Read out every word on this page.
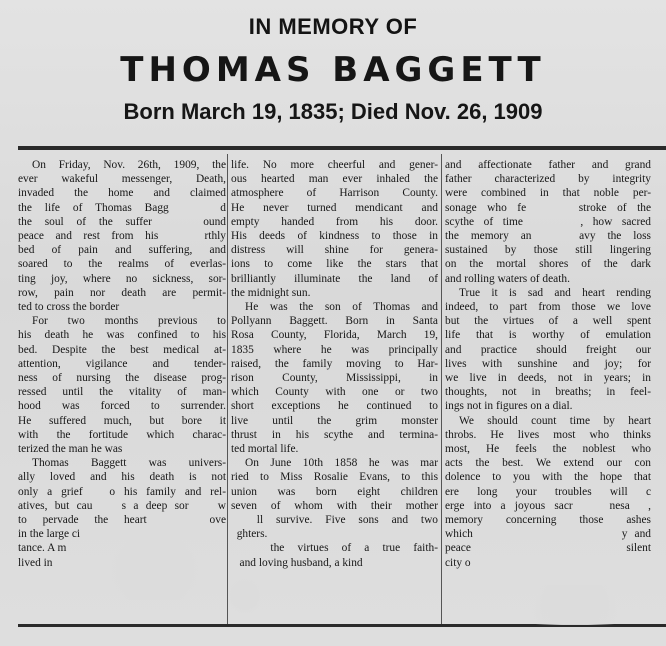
IN MEMORY OF
THOMAS BAGGETT
Born March 19, 1835; Died Nov. 26, 1909

On Friday, Nov. 26th, 1909, the

ever wakeful messenger, Death,

invaded the home and claimed

the life of Thomas Bagg    d

the soul of the suffer    ound

peace and rest from his    rthly

bed of pain and suffering, and

soared to the realms of everlas-

ting joy, where no sickness, sor-

row, pain nor death are permit-

ted to cross the border

For two months previous to

his death he was confined to his

bed. Despite the best medical at-

attention, vigilance and tender-

ness of nursing the disease prog-

ressed until the vitality of man-

hood was forced to surrender.

He suffered much, but bore it

with the fortitude which charac-

terized the man he was

Thomas Baggett was univers-

ally loved and his death is not

only a grief   o his family and rel-

atives, but cau    s a deep sor    w

to pervade the heart    ove

in the large ci

tance. A m

lived in

life. No more cheerful and gener-

ous hearted man ever inhaled the

atmosphere of Harrison County.

He never turned mendicant and

empty handed from his door.

His deeds of kindness to those in

distress will shine for genera-

ions to come like the stars that

brilliantly illuminate the land of

the midnight sun.

He was the son of Thomas and

Pollyann Baggett. Born in Santa

Rosa County, Florida, March 19,

1835 where he was principally

raised, the family moving to Har-

rison County, Mississippi, in

which County with one or two

short exceptions he continued to

live until the grim monster

thrust in his scythe and termina-

ted mortal life.

On June 10th 1858 he was mar

ried to Miss Rosalie Evans, to this

union was born eight children

seven of whom with their mother

ll survive. Five sons and two

ghters.

the virtues of a true faith-

and loving husband, a kind

and affectionate father and grand

father characterized by integrity

were combined in that noble per-

sonage who fe     stroke of the

scythe of time      , how sacred

the memory an    avy the loss

sustained by those still lingering

on the mortal shores of the dark

and rolling waters of death.

True it is sad and heart rending

indeed, to part from those we love

but the virtues of a well spent

life that is worthy of emulation

and practice should freight our

lives with sunshine and joy; for

we live in deeds, not in years; in

thoughts, not in breaths; in feel-

ings not in figures on a dial.

We should count time by heart

throbs. He lives most who thinks

most, He feels the noblest who

acts the best. We extend our con

dolence to you with the hope that

ere long your troubles will c

erge into a joyous sacr    nesa  ,

memory concerning those ashes

which                     y and

peace                       silent

city o
